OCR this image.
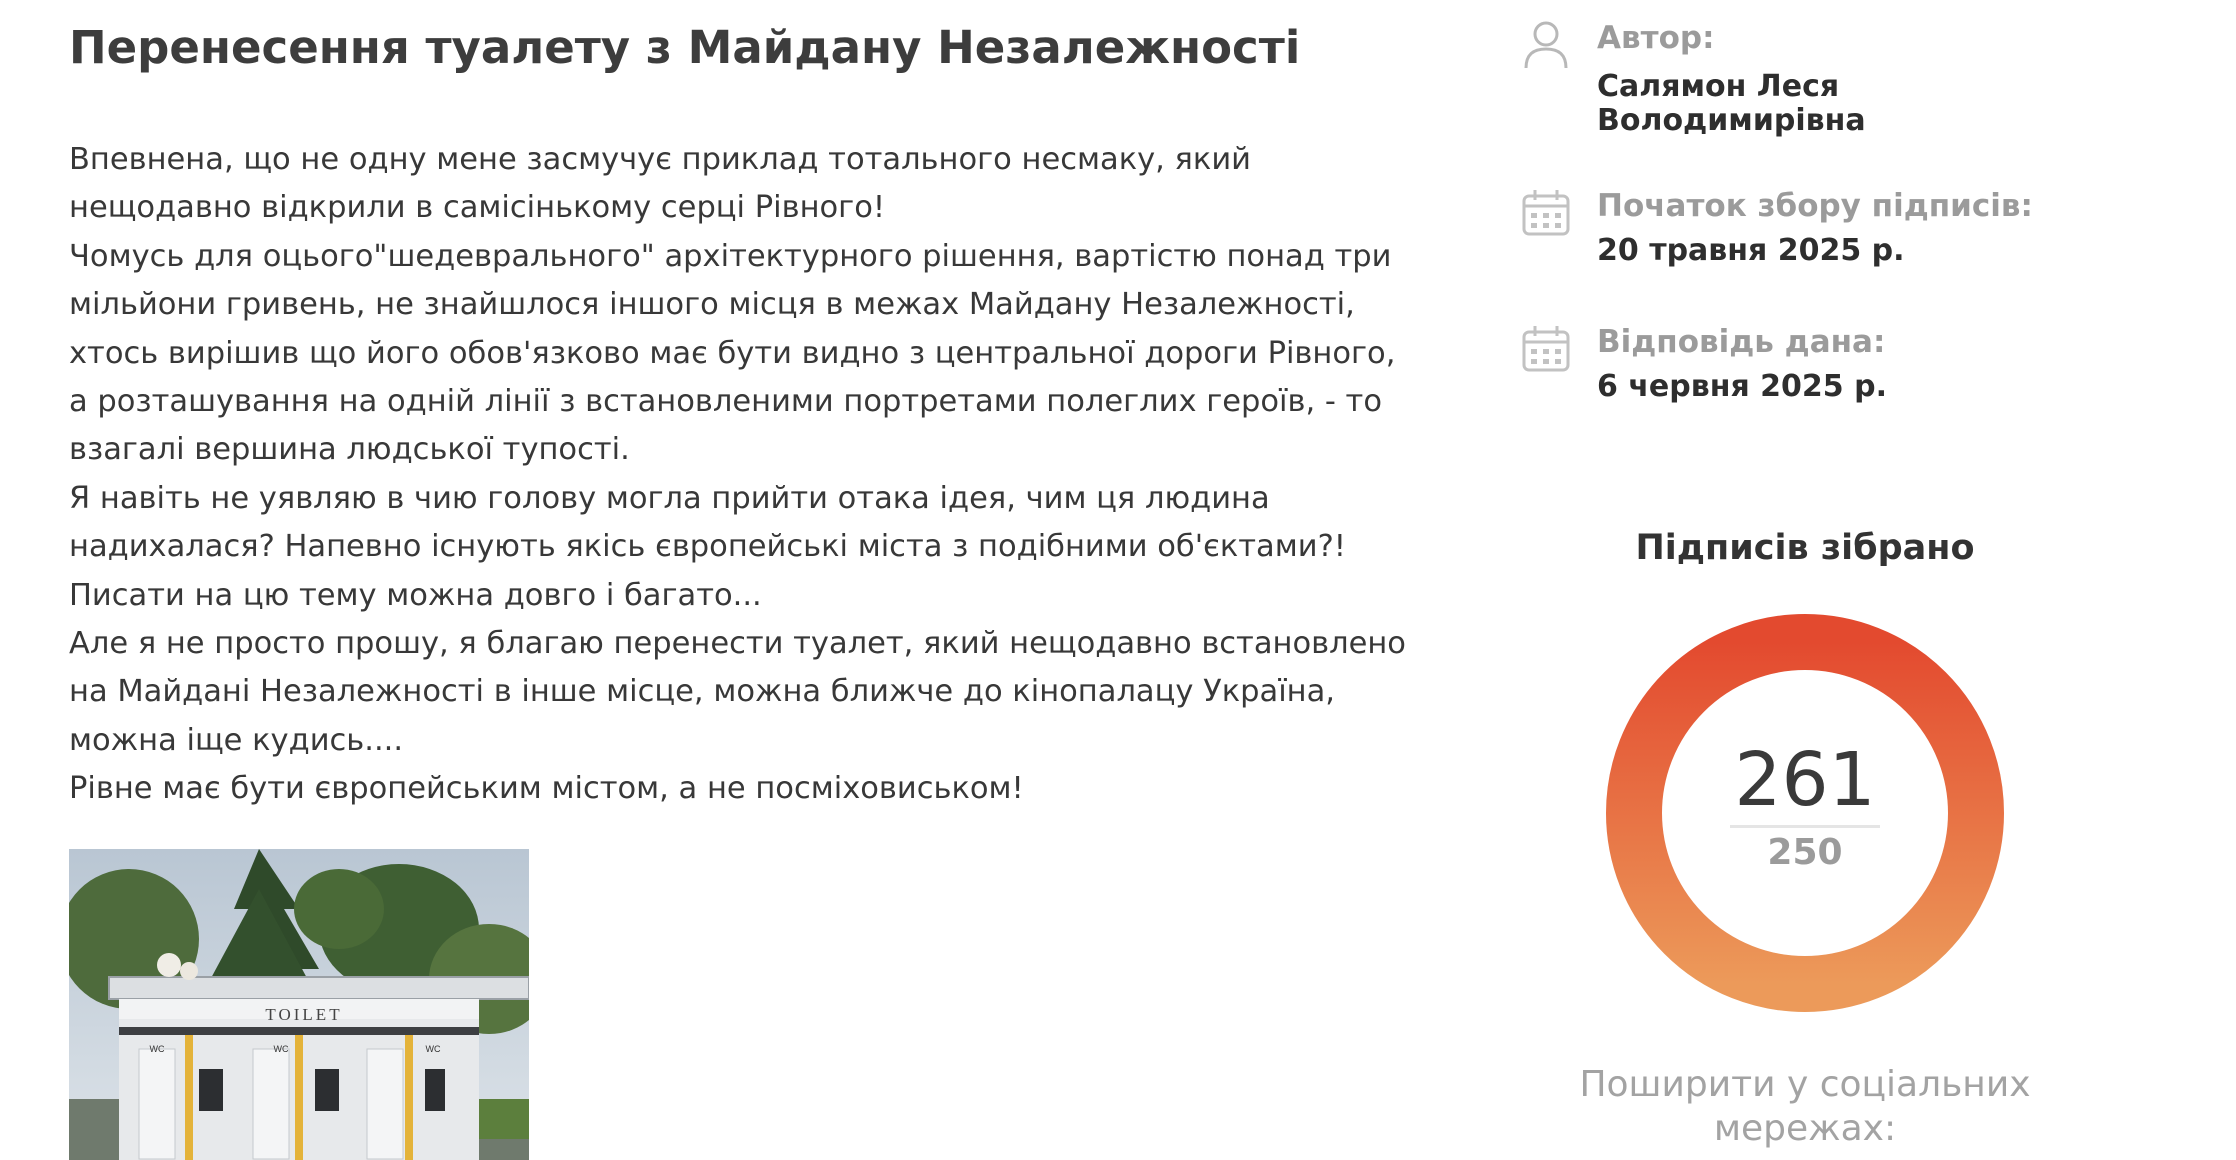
Перенесення туалету з Майдану Незалежності
Впевнена, що не одну мене засмучує приклад тотального несмаку, який
нещодавно відкрили в самісінькому серці Рівного!
Чомусь для оцього"шедеврального" архітектурного рішення, вартістю понад три
мільйони гривень, не знайшлося іншого місця в межах Майдану Незалежності,
хтось вирішив що його обов'язково має бути видно з центральної дороги Рівного,
а розташування на одній лінії з встановленими портретами полеглих героїв, - то
взагалі вершина людської тупості.
Я навіть не уявляю в чию голову могла прийти отака ідея, чим ця людина
надихалася? Напевно існують якісь європейські міста з подібними об'єктами?!
Писати на цю тему можна довго і багато...
Але я не просто прошу, я благаю перенести туалет, який нещодавно встановлено
на Майдані Незалежності в інше місце, можна ближче до кінопалацу Україна,
можна іще кудись....
Рівне має бути європейським містом, а не посміховиськом!
TOILET
WC	WC	WC
Автор:
Салямон Леся
Володимирівна
Початок збору підписів:
20 травня 2025 р.
Відповідь дана:
6 червня 2025 р.
Підписів зібрано
261
250
Поширити у соціальних
мережах:
